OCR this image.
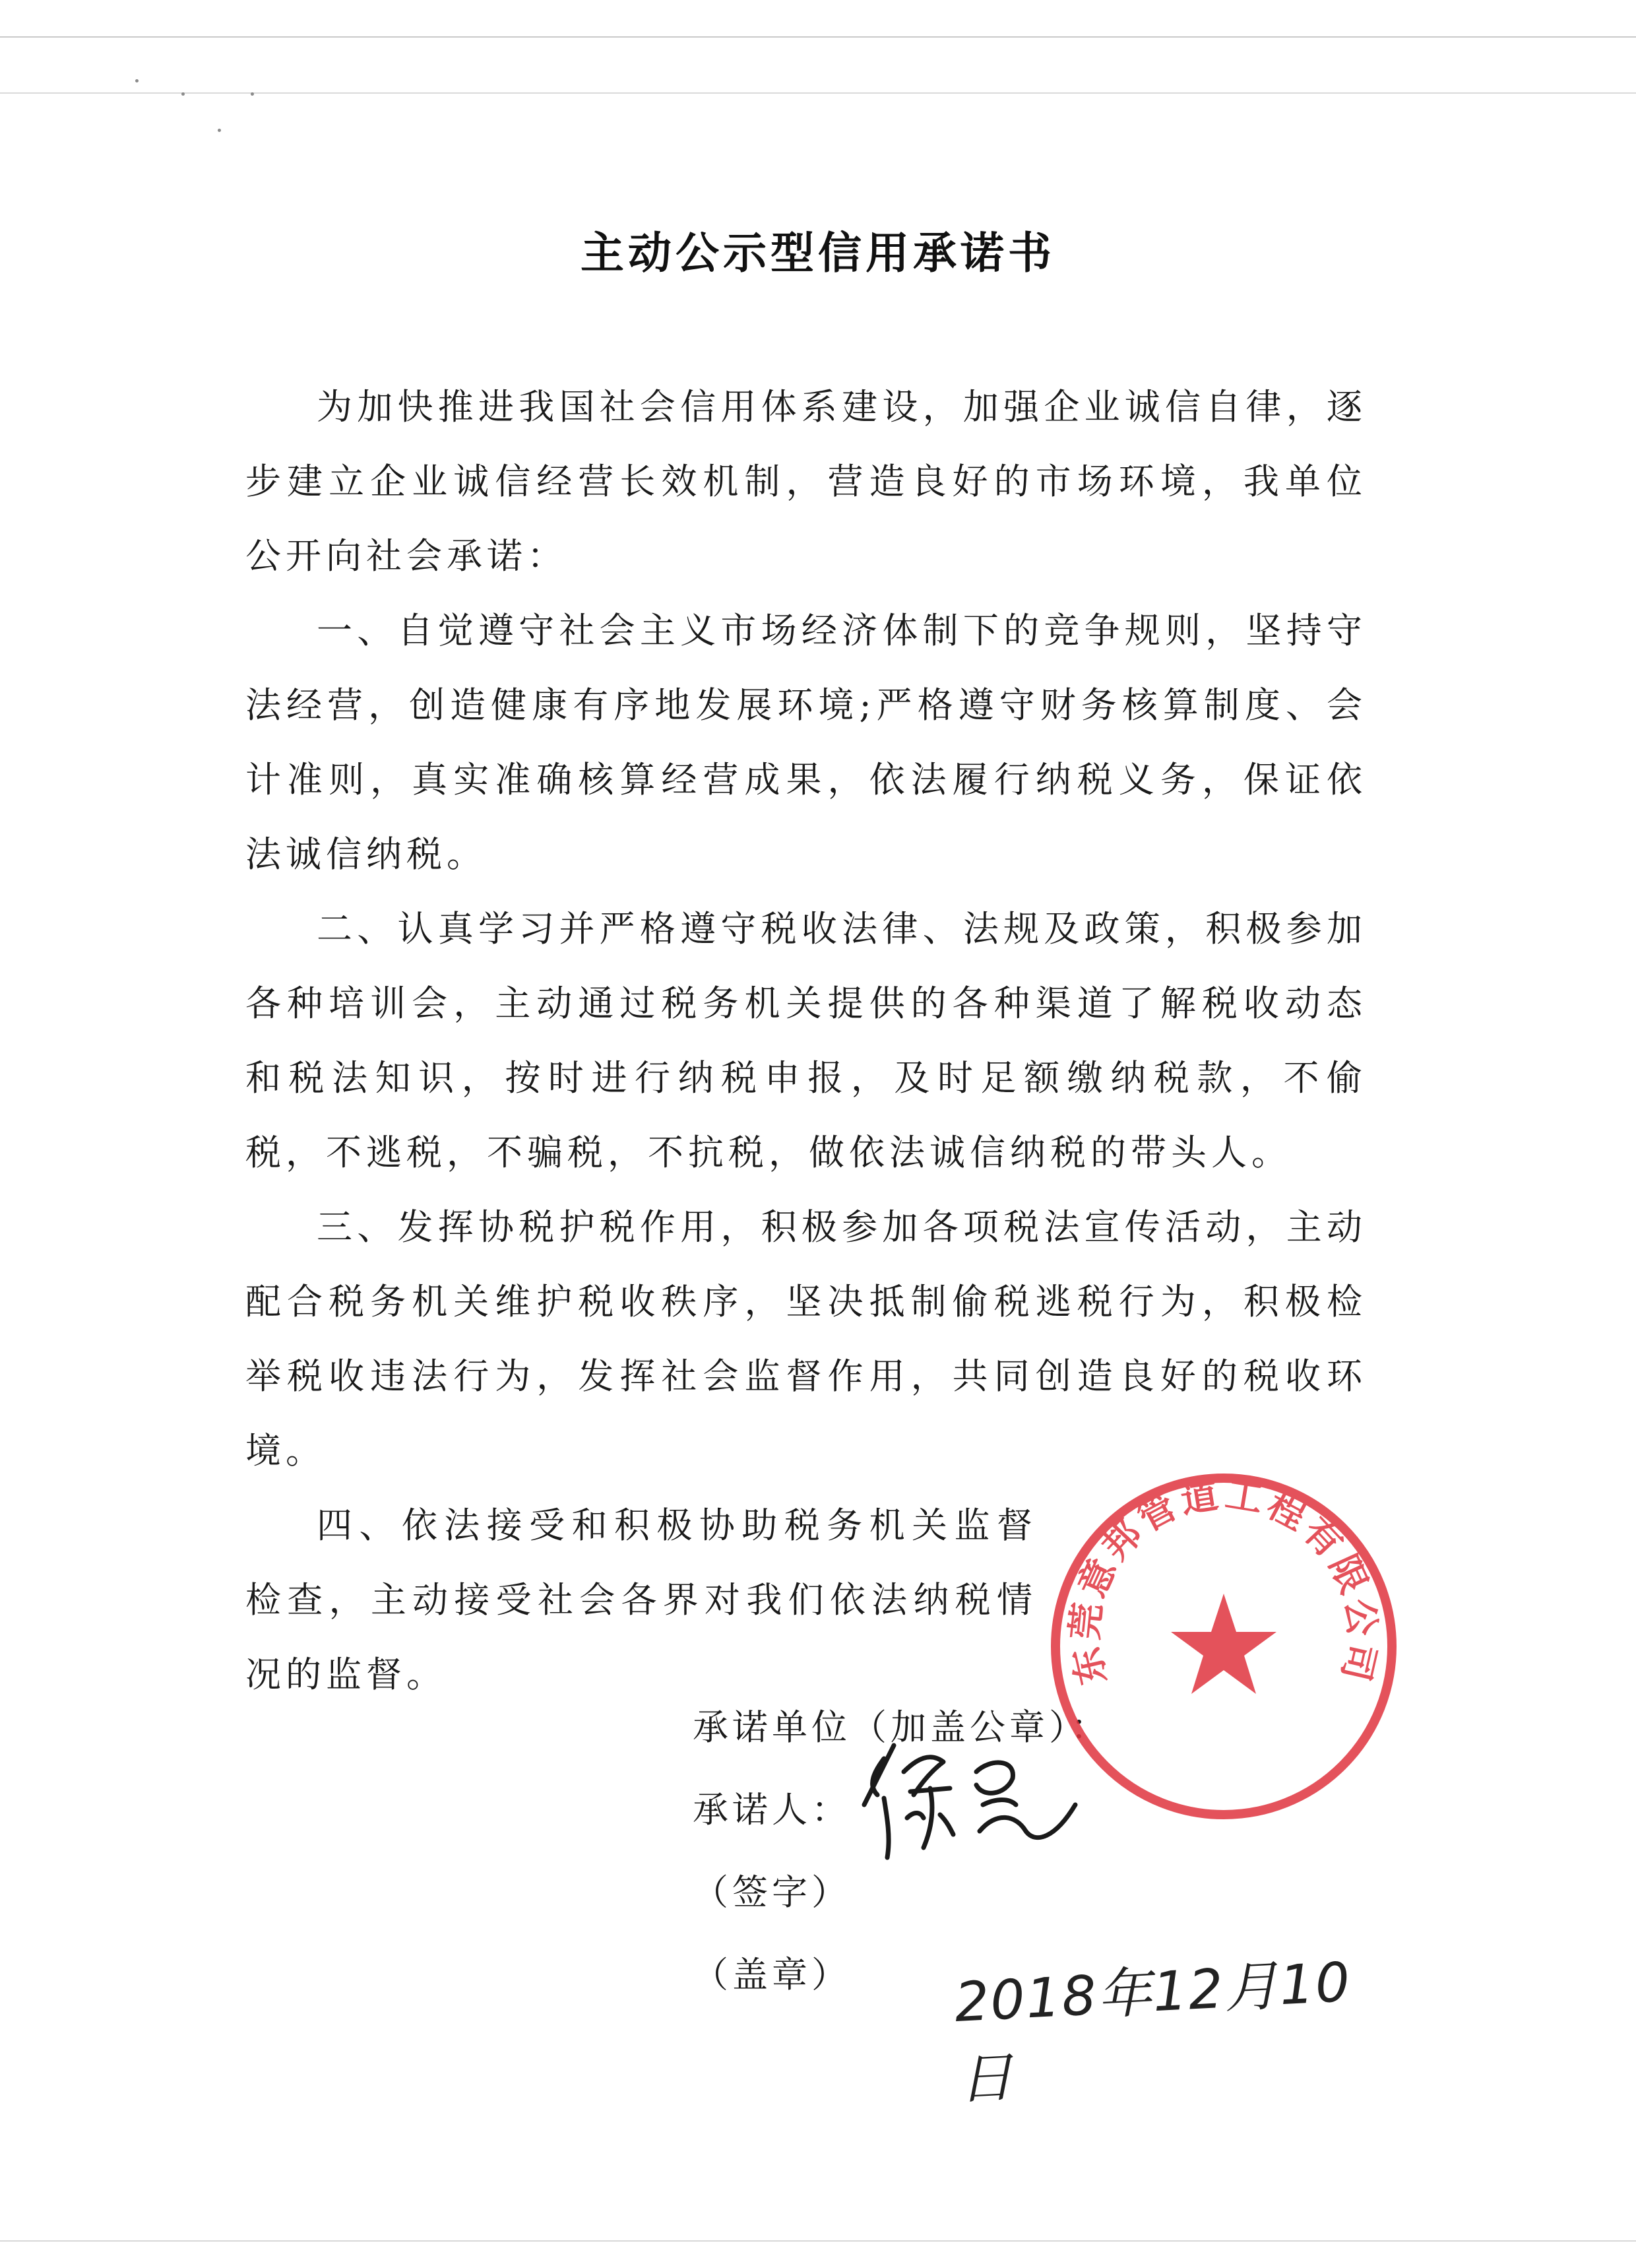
主动公示型信用承诺书

为加快推进我国社会信用体系建设，加强企业诚信自律，逐步建立企业诚信经营长效机制，营造良好的市场环境，我单位公开向社会承诺：

一、自觉遵守社会主义市场经济体制下的竞争规则，坚持守法经营，创造健康有序地发展环境;严格遵守财务核算制度、会计准则，真实准确核算经营成果，依法履行纳税义务，保证依法诚信纳税。

二、认真学习并严格遵守税收法律、法规及政策，积极参加各种培训会，主动通过税务机关提供的各种渠道了解税收动态和税法知识，按时进行纳税申报，及时足额缴纳税款，不偷税，不逃税，不骗税，不抗税，做依法诚信纳税的带头人。

三、发挥协税护税作用，积极参加各项税法宣传活动，主动配合税务机关维护税收秩序，坚决抵制偷税逃税行为，积极检举税收违法行为，发挥社会监督作用，共同创造良好的税收环境。

四、依法接受和积极协助税务机关监督检查，主动接受社会各界对我们依法纳税情况的监督。

承诺单位（加盖公章）：
承诺人：
（签字）
（盖章） 2018年12月10日
东莞意邦管道工程有限公司
